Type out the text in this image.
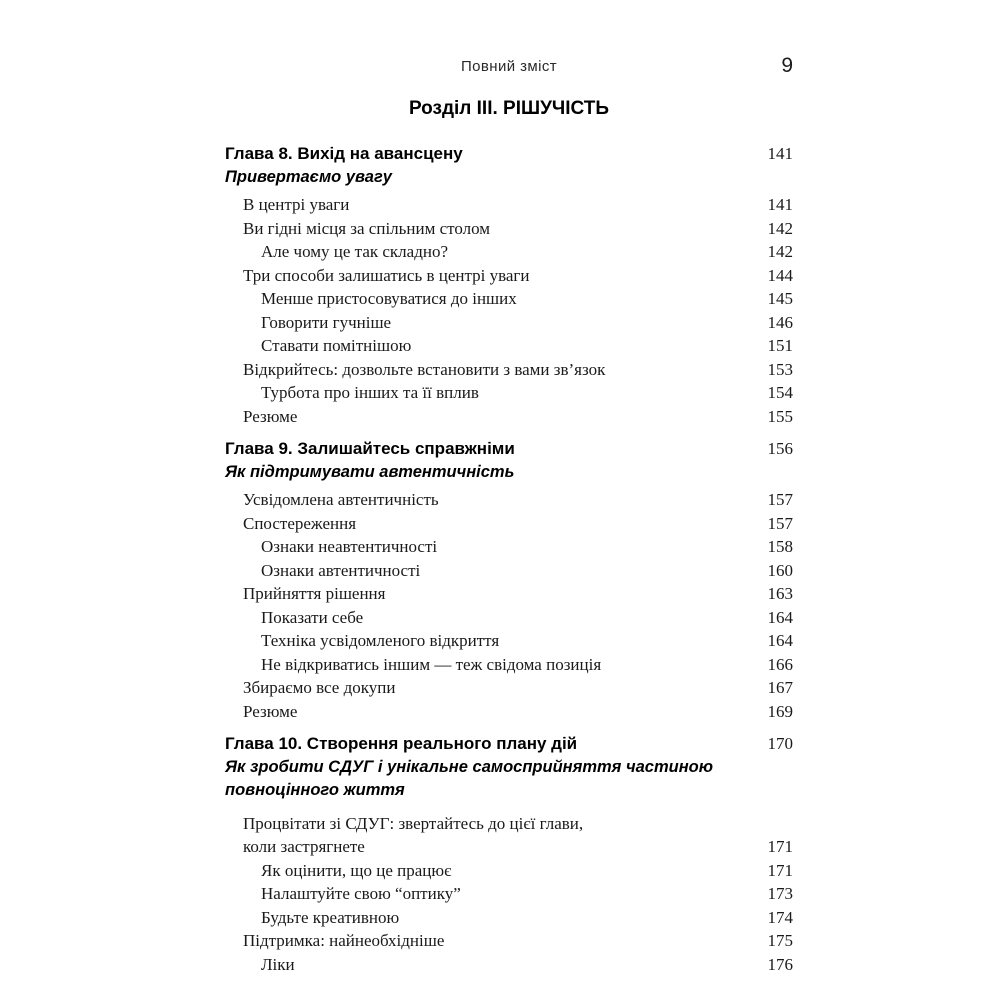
Повний зміст	9
Розділ III. РІШУЧІСТЬ
Глава 8. Вихід на авансцену	141
Привертаємо увагу
В центрі уваги	141
Ви гідні місця за спільним столом	142
Але чому це так складно?	142
Три способи залишатись в центрі уваги	144
Менше пристосовуватися до інших	145
Говорити гучніше	146
Ставати помітнішою	151
Відкрийтесь: дозвольте встановити з вами зв’язок	153
Турбота про інших та її вплив	154
Резюме	155
Глава 9. Залишайтесь справжніми	156
Як підтримувати автентичність
Усвідомлена автентичність	157
Спостереження	157
Ознаки неавтентичності	158
Ознаки автентичності	160
Прийняття рішення	163
Показати себе	164
Техніка усвідомленого відкриття	164
Не відкриватись іншим — теж свідома позиція	166
Збираємо все докупи	167
Резюме	169
Глава 10. Створення реального плану дій	170
Як зробити СДУГ і унікальне самосприйняття частиною
повноцінного життя
Процвітати зі СДУГ: звертайтесь до цієї глави,
коли застрягнете	171
Як оцінити, що це працює	171
Налаштуйте свою “оптику”	173
Будьте креативною	174
Підтримка: найнеобхідніше	175
Ліки	176
